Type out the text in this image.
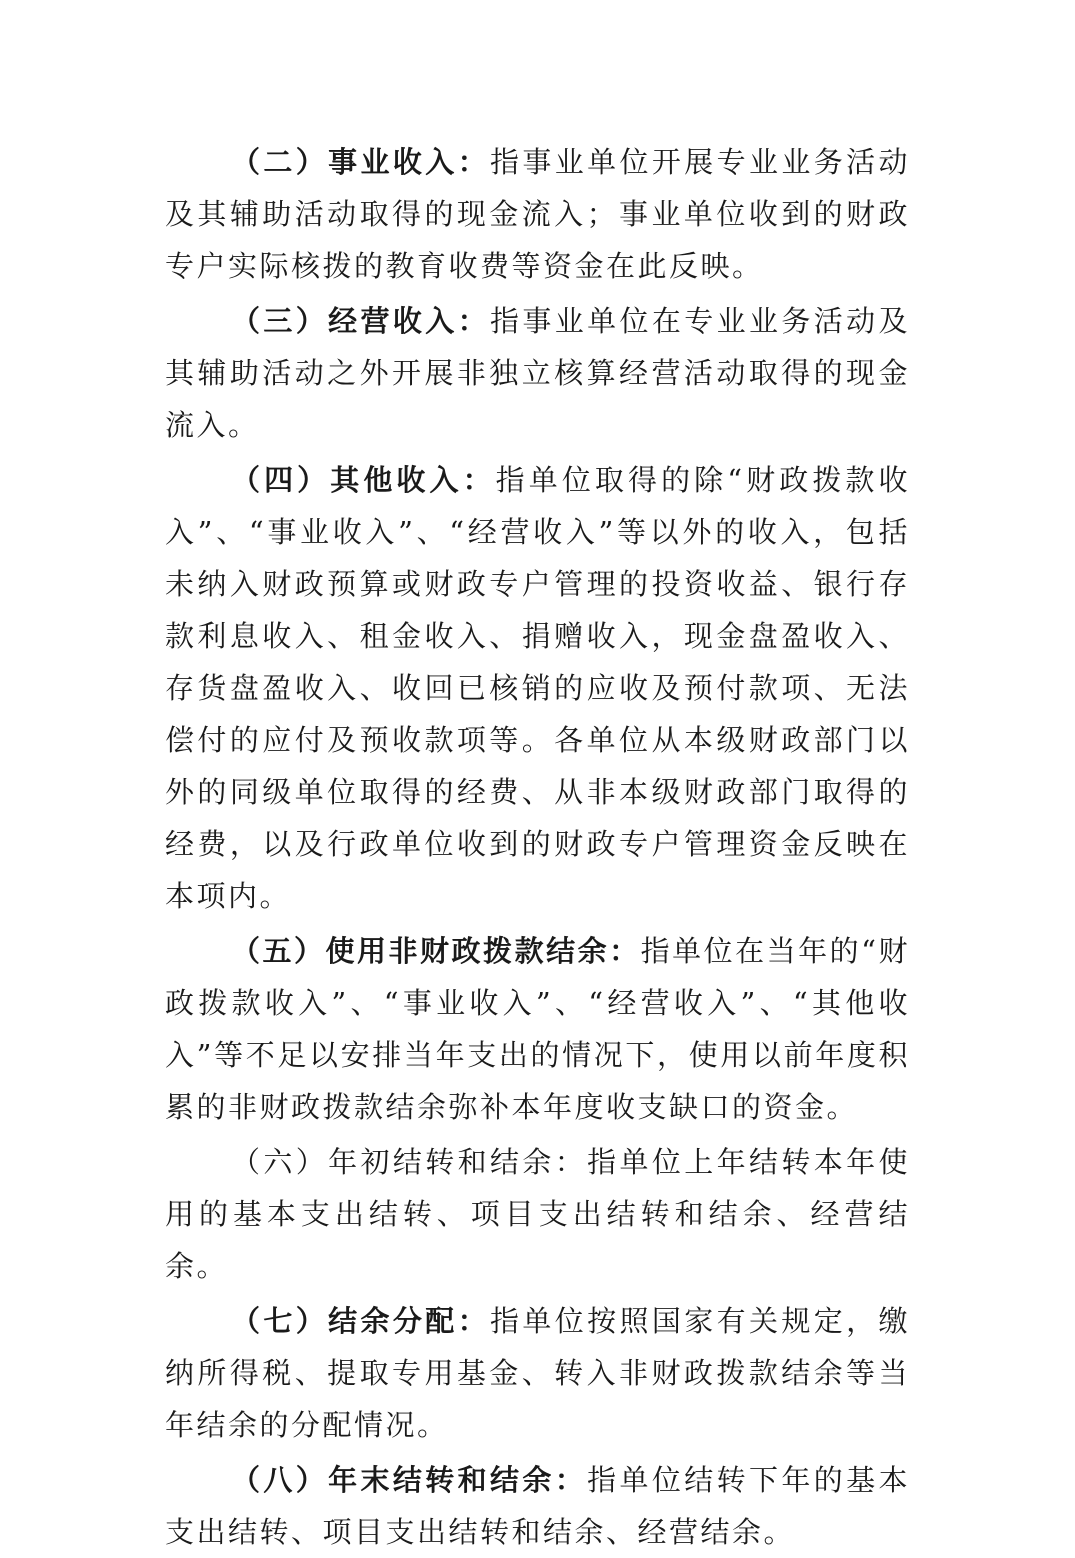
（二）事业收入：指事业单位开展专业业务活动及其辅助活动取得的现金流入；事业单位收到的财政专户实际核拨的教育收费等资金在此反映。

（三）经营收入：指事业单位在专业业务活动及其辅助活动之外开展非独立核算经营活动取得的现金流入。

（四）其他收入：指单位取得的除“财政拨款收入”、“事业收入”、“经营收入”等以外的收入，包括未纳入财政预算或财政专户管理的投资收益、银行存款利息收入、租金收入、捐赠收入，现金盘盈收入、存货盘盈收入、收回已核销的应收及预付款项、无法偿付的应付及预收款项等。各单位从本级财政部门以外的同级单位取得的经费、从非本级财政部门取得的经费，以及行政单位收到的财政专户管理资金反映在本项内。

（五）使用非财政拨款结余：指单位在当年的“财政拨款收入”、“事业收入”、“经营收入”、“其他收入”等不足以安排当年支出的情况下，使用以前年度积累的非财政拨款结余弥补本年度收支缺口的资金。

（六）年初结转和结余：指单位上年结转本年使用的基本支出结转、项目支出结转和结余、经营结余。

（七）结余分配：指单位按照国家有关规定，缴纳所得税、提取专用基金、转入非财政拨款结余等当年结余的分配情况。

（八）年末结转和结余：指单位结转下年的基本支出结转、项目支出结转和结余、经营结余。
